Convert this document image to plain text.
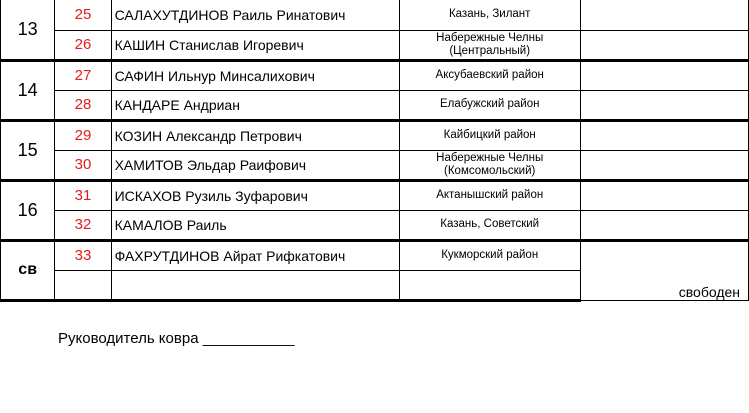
13	25	САЛАХУТДИНОВ Раиль Ринатович	Казань, Зилант	
	26	КАШИН Станислав Игоревич	Набережные Челны (Центральный)	
14	27	САФИН Ильнур Минсалихович	Аксубаевский район	
	28	КАНДАРЕ Андриан	Елабужский район	
15	29	КОЗИН Александр Петрович	Кайбицкий район	
	30	ХАМИТОВ Эльдар Раифович	Набережные Челны (Комсомольский)	
16	31	ИСКАХОВ Рузиль Зуфарович	Актанышский район	
	32	КАМАЛОВ Раиль	Казань, Советский	
св	33	ФАХРУТДИНОВ Айрат Рифкатович	Кукморский район	свободен

Руководитель ковра ___________
